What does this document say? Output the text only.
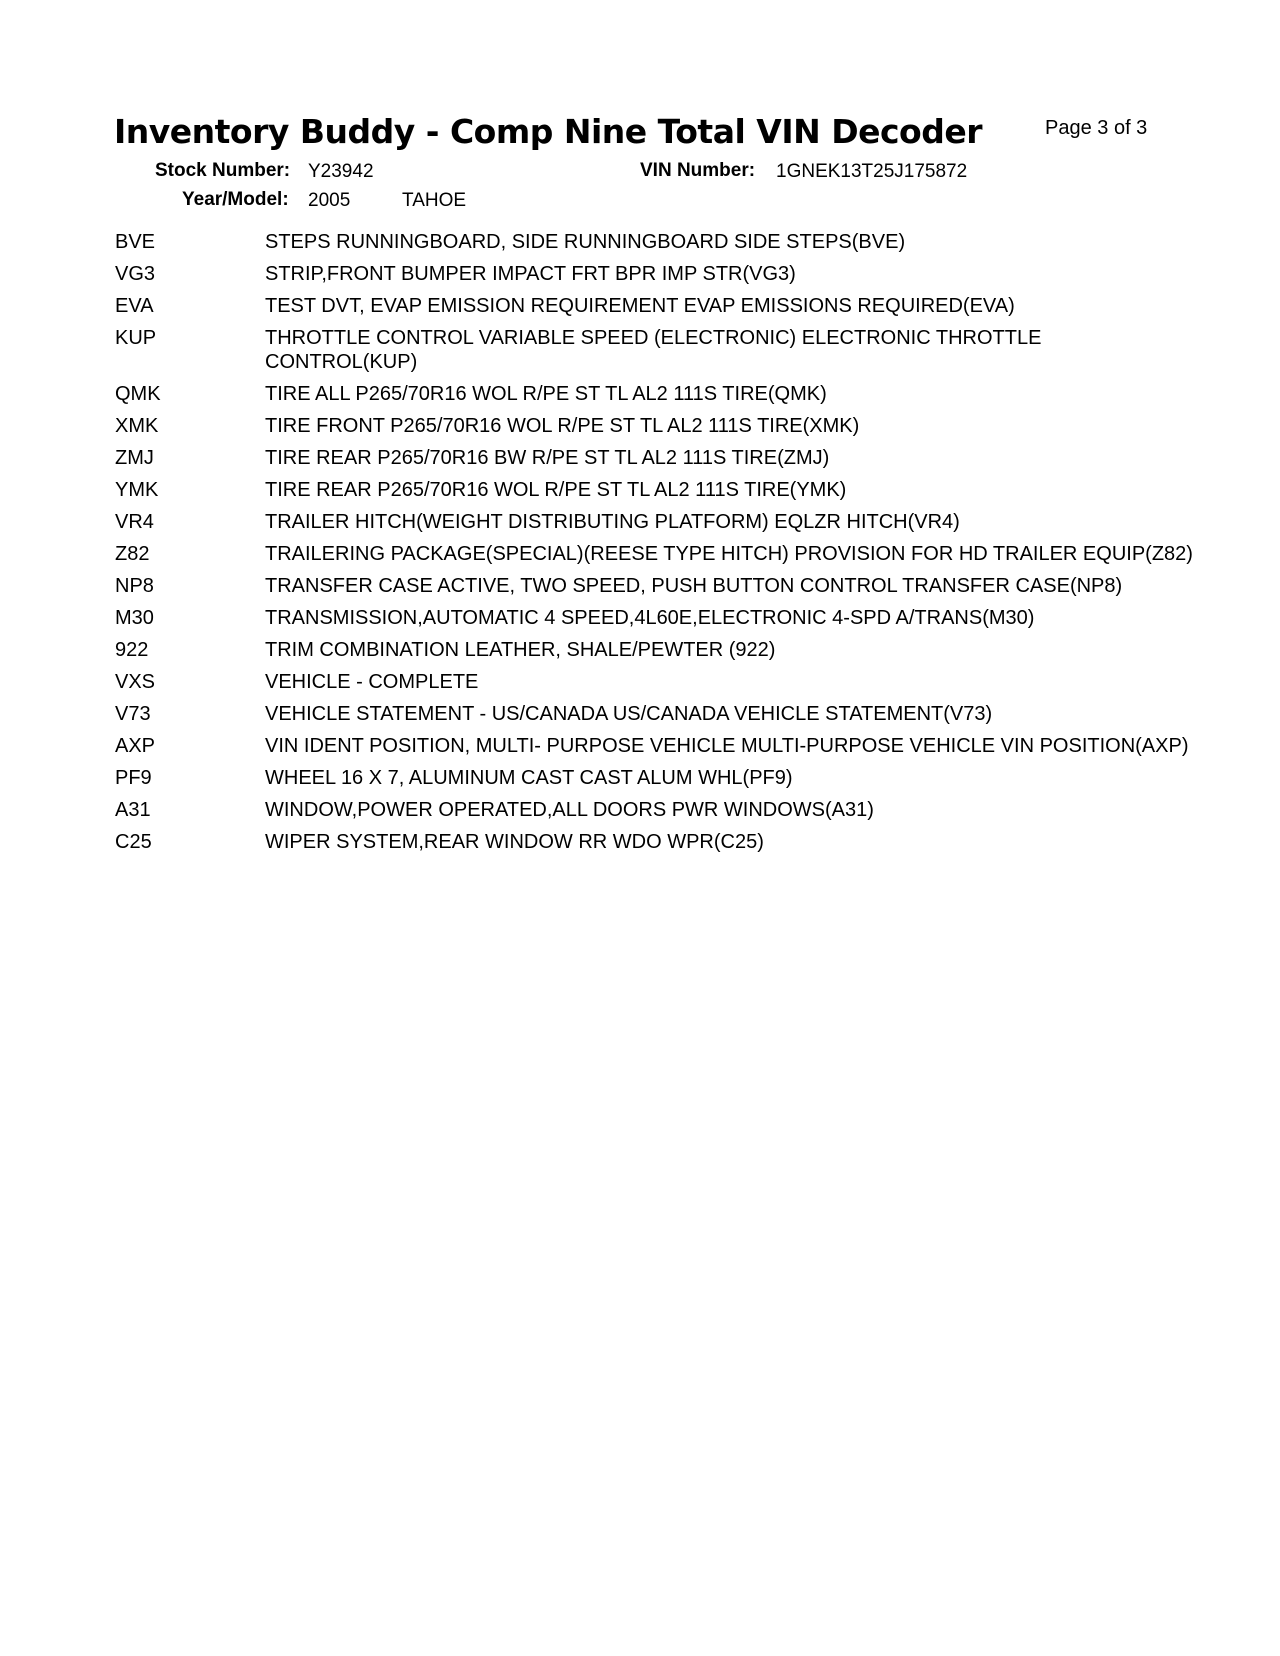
Inventory Buddy - Comp Nine Total VIN Decoder	Page 3 of 3
Stock Number: Y23942	VIN Number: 1GNEK13T25J175872
Year/Model: 2005	TAHOE
BVE	STEPS RUNNINGBOARD, SIDE RUNNINGBOARD SIDE STEPS(BVE)
VG3	STRIP,FRONT BUMPER IMPACT FRT BPR IMP STR(VG3)
EVA	TEST DVT, EVAP EMISSION REQUIREMENT EVAP EMISSIONS REQUIRED(EVA)
KUP	THROTTLE CONTROL VARIABLE SPEED (ELECTRONIC) ELECTRONIC THROTTLE CONTROL(KUP)
QMK	TIRE ALL P265/70R16 WOL R/PE ST TL AL2 111S TIRE(QMK)
XMK	TIRE FRONT P265/70R16 WOL R/PE ST TL AL2 111S TIRE(XMK)
ZMJ	TIRE REAR P265/70R16 BW R/PE ST TL AL2 111S TIRE(ZMJ)
YMK	TIRE REAR P265/70R16 WOL R/PE ST TL AL2 111S TIRE(YMK)
VR4	TRAILER HITCH(WEIGHT DISTRIBUTING PLATFORM) EQLZR HITCH(VR4)
Z82	TRAILERING PACKAGE(SPECIAL)(REESE TYPE HITCH) PROVISION FOR HD TRAILER EQUIP(Z82)
NP8	TRANSFER CASE ACTIVE, TWO SPEED, PUSH BUTTON CONTROL TRANSFER CASE(NP8)
M30	TRANSMISSION,AUTOMATIC 4 SPEED,4L60E,ELECTRONIC 4-SPD A/TRANS(M30)
922	TRIM COMBINATION LEATHER, SHALE/PEWTER (922)
VXS	VEHICLE - COMPLETE
V73	VEHICLE STATEMENT - US/CANADA US/CANADA VEHICLE STATEMENT(V73)
AXP	VIN IDENT POSITION, MULTI- PURPOSE VEHICLE MULTI-PURPOSE VEHICLE VIN POSITION(AXP)
PF9	WHEEL 16 X 7, ALUMINUM CAST CAST ALUM WHL(PF9)
A31	WINDOW,POWER OPERATED,ALL DOORS PWR WINDOWS(A31)
C25	WIPER SYSTEM,REAR WINDOW RR WDO WPR(C25)
